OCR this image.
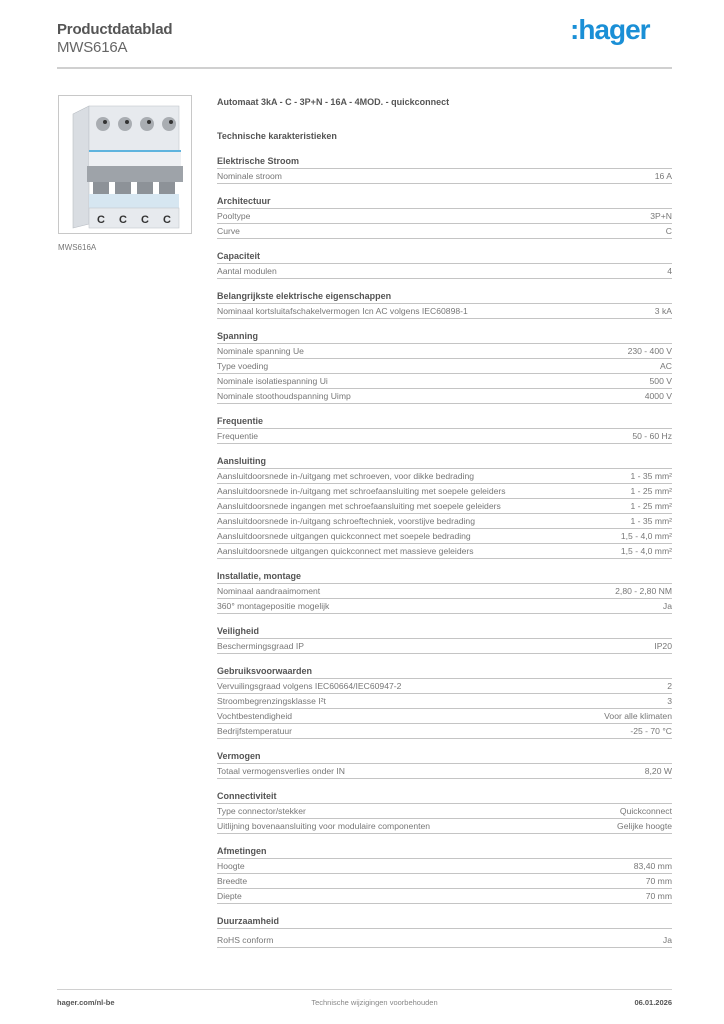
Productdatablad
MWS616A
:hager
C C C C
MWS616A
Automaat 3kA - C - 3P+N - 16A - 4MOD. - quickconnect
Technische karakteristieken
Elektrische Stroom
Nominale stroom	16 A
Architectuur
Pooltype	3P+N
Curve	C
Capaciteit
Aantal modulen	4
Belangrijkste elektrische eigenschappen
Nominaal kortsluitafschakelvermogen Icn AC volgens IEC60898-1	3 kA
Spanning
Nominale spanning Ue	230 - 400 V
Type voeding	AC
Nominale isolatiespanning Ui	500 V
Nominale stoothoudspanning Uimp	4000 V
Frequentie
Frequentie	50 - 60 Hz
Aansluiting
Aansluitdoorsnede in-/uitgang met schroeven, voor dikke bedrading	1 - 35 mm²
Aansluitdoorsnede in-/uitgang met schroefaansluiting met soepele geleiders	1 - 25 mm²
Aansluitdoorsnede ingangen met schroefaansluiting met soepele geleiders	1 - 25 mm²
Aansluitdoorsnede in-/uitgang schroeftechniek, voorstijve bedrading	1 - 35 mm²
Aansluitdoorsnede uitgangen quickconnect met soepele bedrading	1,5 - 4,0 mm²
Aansluitdoorsnede uitgangen quickconnect met massieve geleiders	1,5 - 4,0 mm²
Installatie, montage
Nominaal aandraaimoment	2,80 - 2,80 NM
360° montagepositie mogelijk	Ja
Veiligheid
Beschermingsgraad IP	IP20
Gebruiksvoorwaarden
Vervuilingsgraad volgens IEC60664/IEC60947-2	2
Stroombegrenzingsklasse I²t	3
Vochtbestendigheid	Voor alle klimaten
Bedrijfstemperatuur	-25 - 70 °C
Vermogen
Totaal vermogensverlies onder IN	8,20 W
Connectiviteit
Type connector/stekker	Quickconnect
Uitlijning bovenaansluiting voor modulaire componenten	Gelijke hoogte
Afmetingen
Hoogte	83,40 mm
Breedte	70 mm
Diepte	70 mm
Duurzaamheid
RoHS conform	Ja
hager.com/nl-be	Technische wijzigingen voorbehouden	06.01.2026
